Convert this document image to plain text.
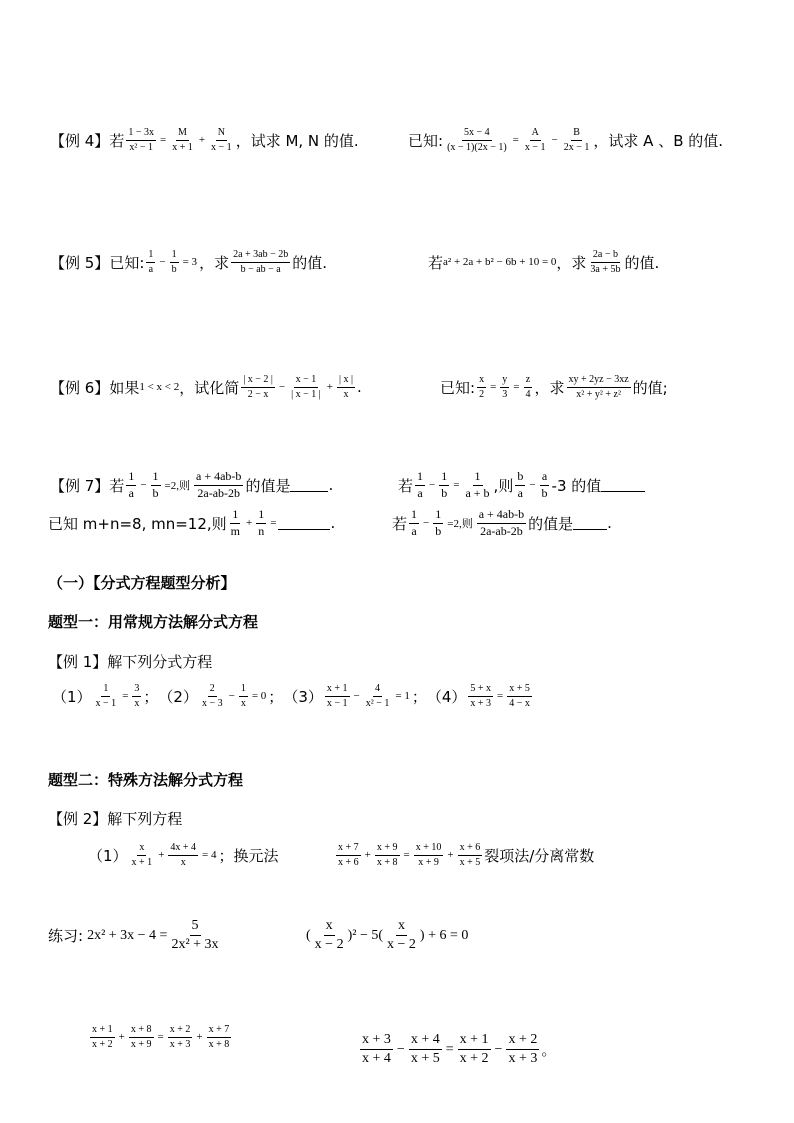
【例 4】 若 $\frac{1 - 3x}{\text{x² − 1}} = \frac{M}{x + 1} + \frac{N}{x - 1}$ ，试求 M, N 的值.	已知: $\frac{5x - 4}{(x - 1)(2x - 1)} = \frac{A}{x - 1} - \frac{B}{2x - 1}$ ，试求 A 、B 的值.
【例 5】 已知: $\frac{1}{a} - \frac{1}{b} = 3$ ，求 $\frac{2a + 3ab - 2b}{b - ab - a}$ 的值.	若 a² + 2a + b² − 6b + 10 = 0 ，求 $\frac{2a - b}{3a + 5b}$ 的值.
【例 6】 如果 1 < x < 2 ，试化简 $\frac{| x - 2 |}{2 - x} - \frac{x - 1}{| x - 1 |} + \frac{| x |}{x}$ .	已知: $\frac{x}{2} = \frac{y}{3} = \frac{z}{4}$ ，求 $\frac{xy + 2yz - 3xz}{\text{x² + y² + z²}}$ 的值;
【例 7】 若 $\frac{1}{a} - \frac{1}{b} =2$,则 $\frac{a + 4ab-b}{2a-ab-2b}$ 的值是	.	若 $\frac{1}{a} - \frac{1}{b} = \frac{1}{a + b}$ ,则 $\frac{b}{a} - \frac{a}{b} -3$ 的值
已知 m+n=8, mn=12,则 $\frac{1}{m} + \frac{1}{n}$ =	.	若 $\frac{1}{a} - \frac{1}{b} =2$,则 $\frac{a + 4ab-b}{2a-ab-2b}$ 的值是 .
（一）【分式方程题型分析】
题型一：用常规方法解分式方程
【例 1】解下列分式方程
$(1) \frac{1}{x - 1} = \frac{3}{x}$ ； $(2) \frac{2}{x - 3} - \frac{1}{x} = 0$ ； $(3) \frac{x + 1}{x - 1} - \frac{4}{\text{x² − 1}} = 1$ ； $(4) \frac{5 + x}{x + 3} = \frac{x + 5}{4 - x}$
题型二：特殊方法解分式方程
【例 2】解下列方程
$(1) \frac{x}{x + 1} + \frac{4x + 4}{x} = 4$ ；换元法	$\frac{x + 7}{x + 6} + \frac{x + 9}{x + 8} = \frac{x + 10}{x + 9} + \frac{x + 6}{x + 5}$ 裂项法/分离常数
练习: $2x^2 + 3x - 4 = \frac{5}{\text{2x² + 3x}}$	( $\frac{x}{x - 2} )^2 - 5( \frac{x}{x - 2}$ ) + 6 = 0
$\frac{x + 1}{x + 2} + \frac{x + 8}{x + 9} = \frac{x + 2}{x + 3} + \frac{x + 7}{x + 8}$	$\frac{x + 3}{x + 4} - \frac{x + 4}{x + 5} = \frac{x + 1}{x + 2} - \frac{x + 2}{x + 3}$ 。
